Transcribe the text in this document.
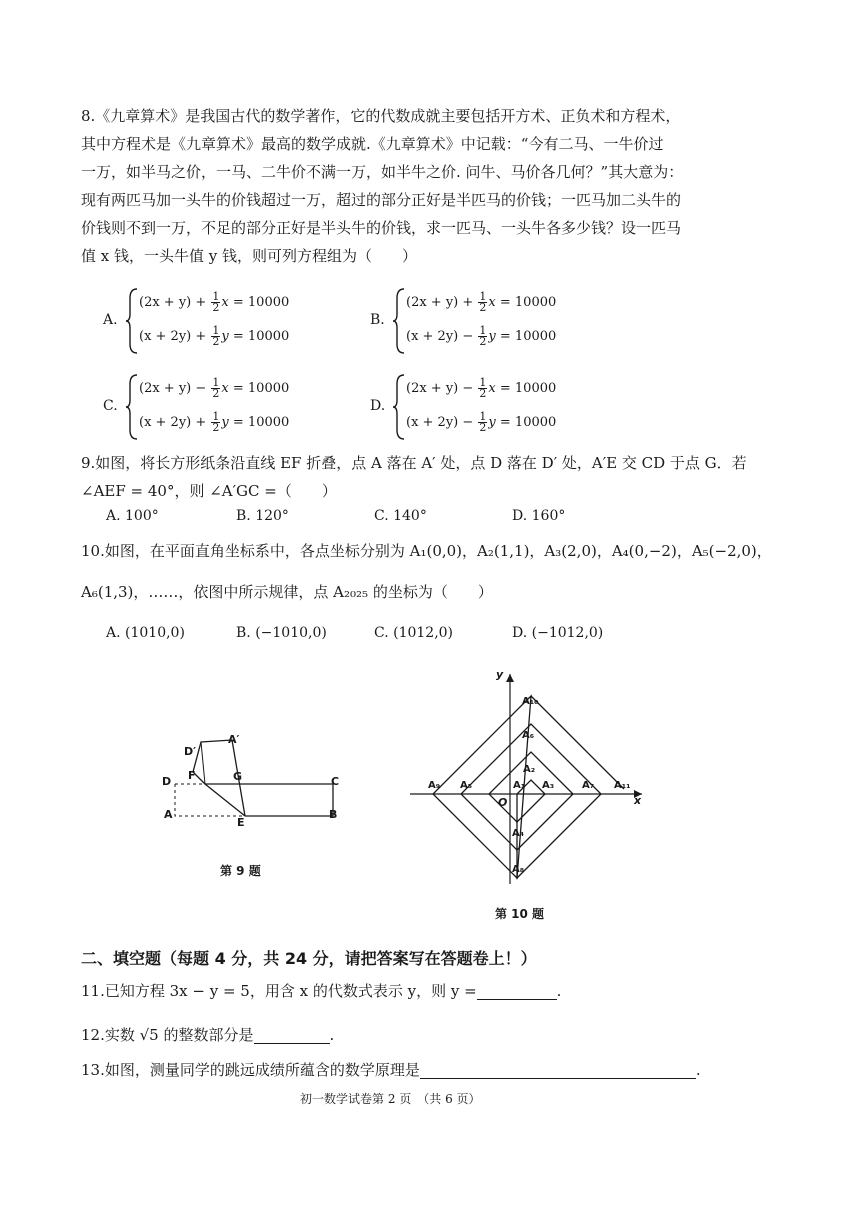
8.《九章算术》是我国古代的数学著作，它的代数成就主要包括开方术、正负术和方程术，
其中方程术是《九章算术》最高的数学成就.《九章算术》中记载：“今有二马、一牛价过
一万，如半马之价，一马、二牛价不满一万，如半牛之价. 问牛、马价各几何？”其大意为：
现有两匹马加一头牛的价钱超过一万，超过的部分正好是半匹马的价钱；一匹马加二头牛的
价钱则不到一万，不足的部分正好是半头牛的价钱，求一匹马、一头牛各多少钱？设一匹马
值 x 钱，一头牛值 y 钱，则可列方程组为（　　）
A.
$(2x + y) + \frac{1}{2}$ x = 10000
$(x + 2y) + \frac{1}{2}$ y = 10000
B.
$(2x + y) + \frac{1}{2}$ x = 10000
$(x + 2y) - \frac{1}{2}$ y = 10000
C.
$(2x + y) - \frac{1}{2}$ x = 10000
$(x + 2y) + \frac{1}{2}$ y = 10000
D.
$(2x + y) - \frac{1}{2}$ x = 10000
$(x + 2y) - \frac{1}{2}$ y = 10000
9.如图，将长方形纸条沿直线 EF 折叠，点 A 落在 A′ 处，点 D 落在 D′ 处，A′E 交 CD 于点 G．若
∠AEF = 40°，则 ∠A′GC =（　　）
A. 100°	B. 120°	C. 140°	D. 160°
10.如图，在平面直角坐标系中，各点坐标分别为 A₁(0,0)，A₂(1,1)，A₃(2,0)，A₄(0,−2)，A₅(−2,0)，
A₆(1,3)，……，依图中所示规律，点 A₂₀₂₅ 的坐标为（　　）
A. (1010,0)	B. (−1010,0)	C. (1012,0)	D. (−1012,0)
D′
A′
D F	G	C
A
E
B
第 9 题
y
x
O
A₁
A₂
A₃
A₄
A₅
A₆
A₇
A₈
A₉
A₁₀
A₁₁
第 10 题
二、填空题（每题 4 分，共 24 分，请把答案写在答题卷上！）
11.已知方程 3x − y = 5，用含 x 的代数式表示 y，则 y =	.
12.实数 √5 的整数部分是	.
13.如图，测量同学的跳远成绩所蕴含的数学原理是	.
初一数学试卷第 2 页　（共 6 页）
